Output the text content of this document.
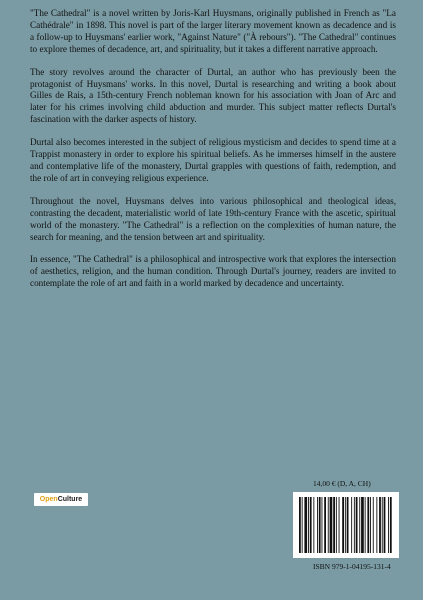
"The Cathedral" is a novel written by Joris-Karl Huysmans, originally published in French as "La Cathédrale" in 1898. This novel is part of the larger literary movement known as decadence and is a follow-up to Huysmans' earlier work, "Against Nature" ("À rebours"). "The Cathedral" continues to explore themes of decadence, art, and spirituality, but it takes a different narrative approach.

The story revolves around the character of Durtal, an author who has previously been the protagonist of Huysmans' works. In this novel, Durtal is researching and writing a book about Gilles de Rais, a 15th-century French nobleman known for his association with Joan of Arc and later for his crimes involving child abduction and murder. This subject matter reflects Durtal's fascination with the darker aspects of history.

Durtal also becomes interested in the subject of religious mysticism and decides to spend time at a Trappist monastery in order to explore his spiritual beliefs. As he immerses himself in the austere and contemplative life of the monastery, Durtal grapples with questions of faith, redemption, and the role of art in conveying religious experience.

Throughout the novel, Huysmans delves into various philosophical and theological ideas, contrasting the decadent, materialistic world of late 19th-century France with the ascetic, spiritual world of the monastery. "The Cathedral" is a reflection on the complexities of human nature, the search for meaning, and the tension between art and spirituality.

In essence, "The Cathedral" is a philosophical and introspective work that explores the intersection of aesthetics, religion, and the human condition. Through Durtal's journey, readers are invited to contemplate the role of art and faith in a world marked by decadence and uncertainty.

Open Culture
14,00 € (D, A, CH)
ISBN 979-1-04195-131-4
